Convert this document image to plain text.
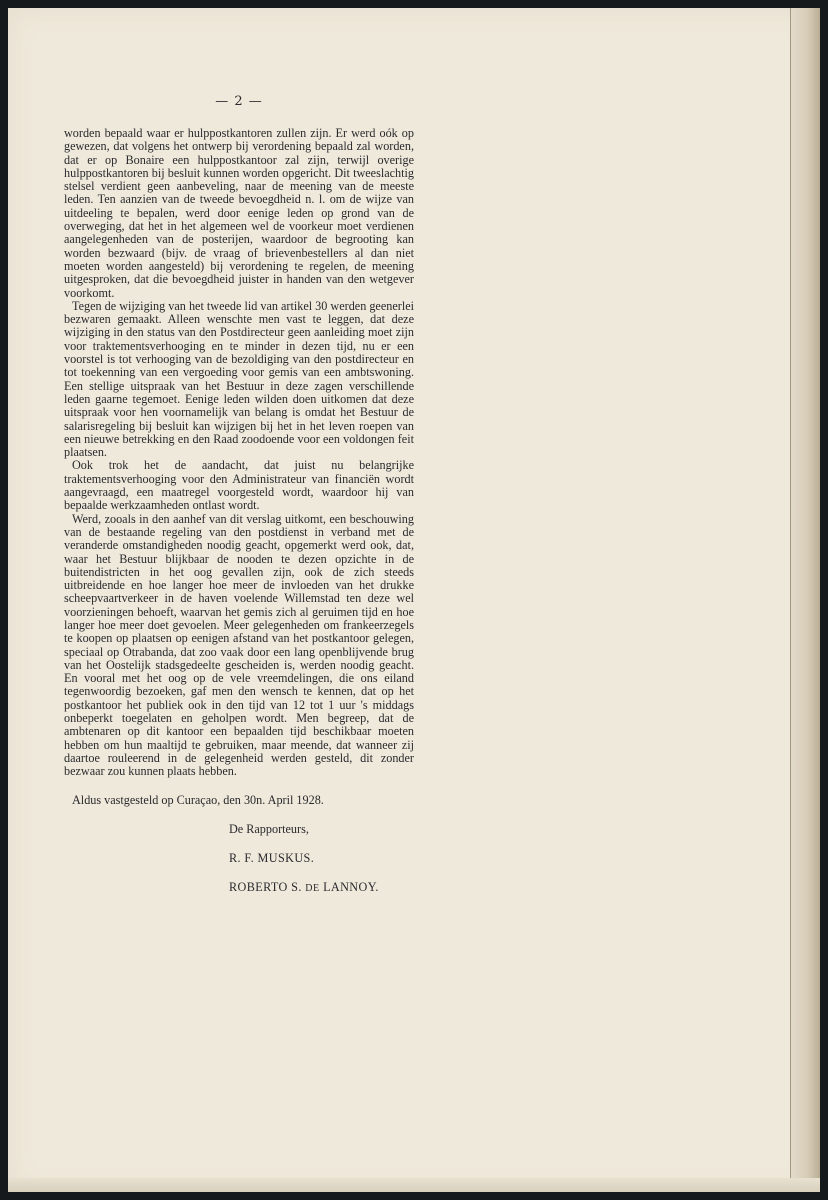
— 2 —

worden bepaald waar er hulppostkantoren zullen zijn. Er werd oók op gewezen, dat volgens het ontwerp bij verordening bepaald zal worden, dat er op Bonaire een hulppostkantoor zal zijn, terwijl overige hulppostkantoren bij besluit kunnen worden opgericht. Dit tweeslachtig stelsel verdient geen aanbeveling, naar de meening van de meeste leden. Ten aanzien van de tweede bevoegdheid n. l. om de wijze van uitdeeling te bepalen, werd door eenige leden op grond van de overweging, dat het in het algemeen wel de voorkeur moet verdienen aangelegenheden van de posterijen, waardoor de begrooting kan worden bezwaard (bijv. de vraag of brievenbestellers al dan niet moeten worden aangesteld) bij verordening te regelen, de meening uitgesproken, dat die bevoegdheid juister in handen van den wetgever voorkomt.

Tegen de wijziging van het tweede lid van artikel 30 werden geenerlei bezwaren gemaakt. Alleen wenschte men vast te leggen, dat deze wijziging in den status van den Postdirecteur geen aanleiding moet zijn voor traktementsverhooging en te minder in dezen tijd, nu er een voorstel is tot verhooging van de bezoldiging van den postdirecteur en tot toekenning van een vergoeding voor gemis van een ambtswoning. Een stellige uitspraak van het Bestuur in deze zagen verschillende leden gaarne tegemoet. Eenige leden wilden doen uitkomen dat deze uitspraak voor hen voornamelijk van belang is omdat het Bestuur de salarisregeling bij besluit kan wijzigen bij het in het leven roepen van een nieuwe betrekking en den Raad zoodoende voor een voldongen feit plaatsen.

Ook trok het de aandacht, dat juist nu belangrijke traktementsverhooging voor den Administrateur van financiën wordt aangevraagd, een maatregel voorgesteld wordt, waardoor hij van bepaalde werkzaamheden ontlast wordt.

Werd, zooals in den aanhef van dit verslag uitkomt, een beschouwing van de bestaande regeling van den postdienst in verband met de veranderde omstandigheden noodig geacht, opgemerkt werd ook, dat, waar het Bestuur blijkbaar de nooden te dezen opzichte in de buitendistricten in het oog gevallen zijn, ook de zich steeds uitbreidende en hoe langer hoe meer de invloeden van het drukke scheepvaartverkeer in de haven voelende Willemstad ten deze wel voorzieningen behoeft, waarvan het gemis zich al geruimen tijd en hoe langer hoe meer doet gevoelen. Meer gelegenheden om frankeerzegels te koopen op plaatsen op eenigen afstand van het postkantoor gelegen, speciaal op Otrabanda, dat zoo vaak door een lang openblijvende brug van het Oostelijk stadsgedeelte gescheiden is, werden noodig geacht. En vooral met het oog op de vele vreemdelingen, die ons eiland tegenwoordig bezoeken, gaf men den wensch te kennen, dat op het postkantoor het publiek ook in den tijd van 12 tot 1 uur 's middags onbeperkt toegelaten en geholpen wordt. Men begreep, dat de ambtenaren op dit kantoor een bepaalden tijd beschikbaar moeten hebben om hun maaltijd te gebruiken, maar meende, dat wanneer zij daartoe rouleerend in de gelegenheid werden gesteld, dit zonder bezwaar zou kunnen plaats hebben.

Aldus vastgesteld op Curaçao, den 30n. April 1928.

De Rapporteurs,

R. F. MUSKUS.

ROBERTO S. DE LANNOY.
